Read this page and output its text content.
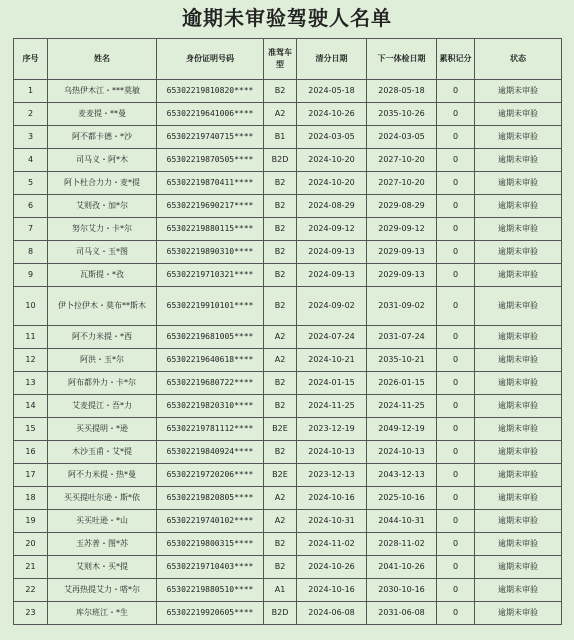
逾期未审验驾驶人名单
序号	姓名	身份证明号码	准驾车型	清分日期	下一体检日期	累积记分	状态
1	乌热伊木江・***莫敏	65302219810820****	B2	2024-05-18	2028-05-18	0	逾期未审验
2	麦麦提・**曼	65302219641006****	A2	2024-10-26	2035-10-26	0	逾期未审验
3	阿不都卡德・*沙	65302219740715****	B1	2024-03-05	2024-03-05	0	逾期未审验
4	司马义・阿*木	65302219870505****	B2D	2024-10-20	2027-10-20	0	逾期未审验
5	阿卜杜合力力・麦*提	65302219870411****	B2	2024-10-20	2027-10-20	0	逾期未审验
6	艾则孜・加*尔	65302219690217****	B2	2024-08-29	2029-08-29	0	逾期未审验
7	努尔艾力・卡*尔	65302219880115****	B2	2024-09-12	2029-09-12	0	逾期未审验
8	司马义・玉*图	65302219890310****	B2	2024-09-13	2029-09-13	0	逾期未审验
9	瓦斯提・*孜	65302219710321****	B2	2024-09-13	2029-09-13	0	逾期未审验
10	伊卜拉伊木・莫布**斯木	65302219910101****	B2	2024-09-02	2031-09-02	0	逾期未审验
11	阿不力米提・*西	65302219681005****	A2	2024-07-24	2031-07-24	0	逾期未审验
12	阿洪・玉*尔	65302219640618****	A2	2024-10-21	2035-10-21	0	逾期未审验
13	阿布都外力・卡*尔	65302219680722****	B2	2024-01-15	2026-01-15	0	逾期未审验
14	艾麦提江・吾*力	65302219820310****	B2	2024-11-25	2024-11-25	0	逾期未审验
15	买买提明・*逊	65302219781112****	B2E	2023-12-19	2049-12-19	0	逾期未审验
16	木沙玉甫・艾*提	65302219840924****	B2	2024-10-13	2024-10-13	0	逾期未审验
17	阿不力米提・热*曼	65302219720206****	B2E	2023-12-13	2043-12-13	0	逾期未审验
18	买买提吐尔逊・斯*依	65302219820805****	A2	2024-10-16	2025-10-16	0	逾期未审验
19	买买吐逊・*山	65302219740102****	A2	2024-10-31	2044-10-31	0	逾期未审验
20	玉苏普・图*苏	65302219800315****	B2	2024-11-02	2028-11-02	0	逾期未审验
21	艾则木・买*提	65302219710403****	B2	2024-10-26	2041-10-26	0	逾期未审验
22	艾再热提艾力・嗒*尔	65302219880510****	A1	2024-10-16	2030-10-16	0	逾期未审验
23	库尔班江・*生	65302219920605****	B2D	2024-06-08	2031-06-08	0	逾期未审验
